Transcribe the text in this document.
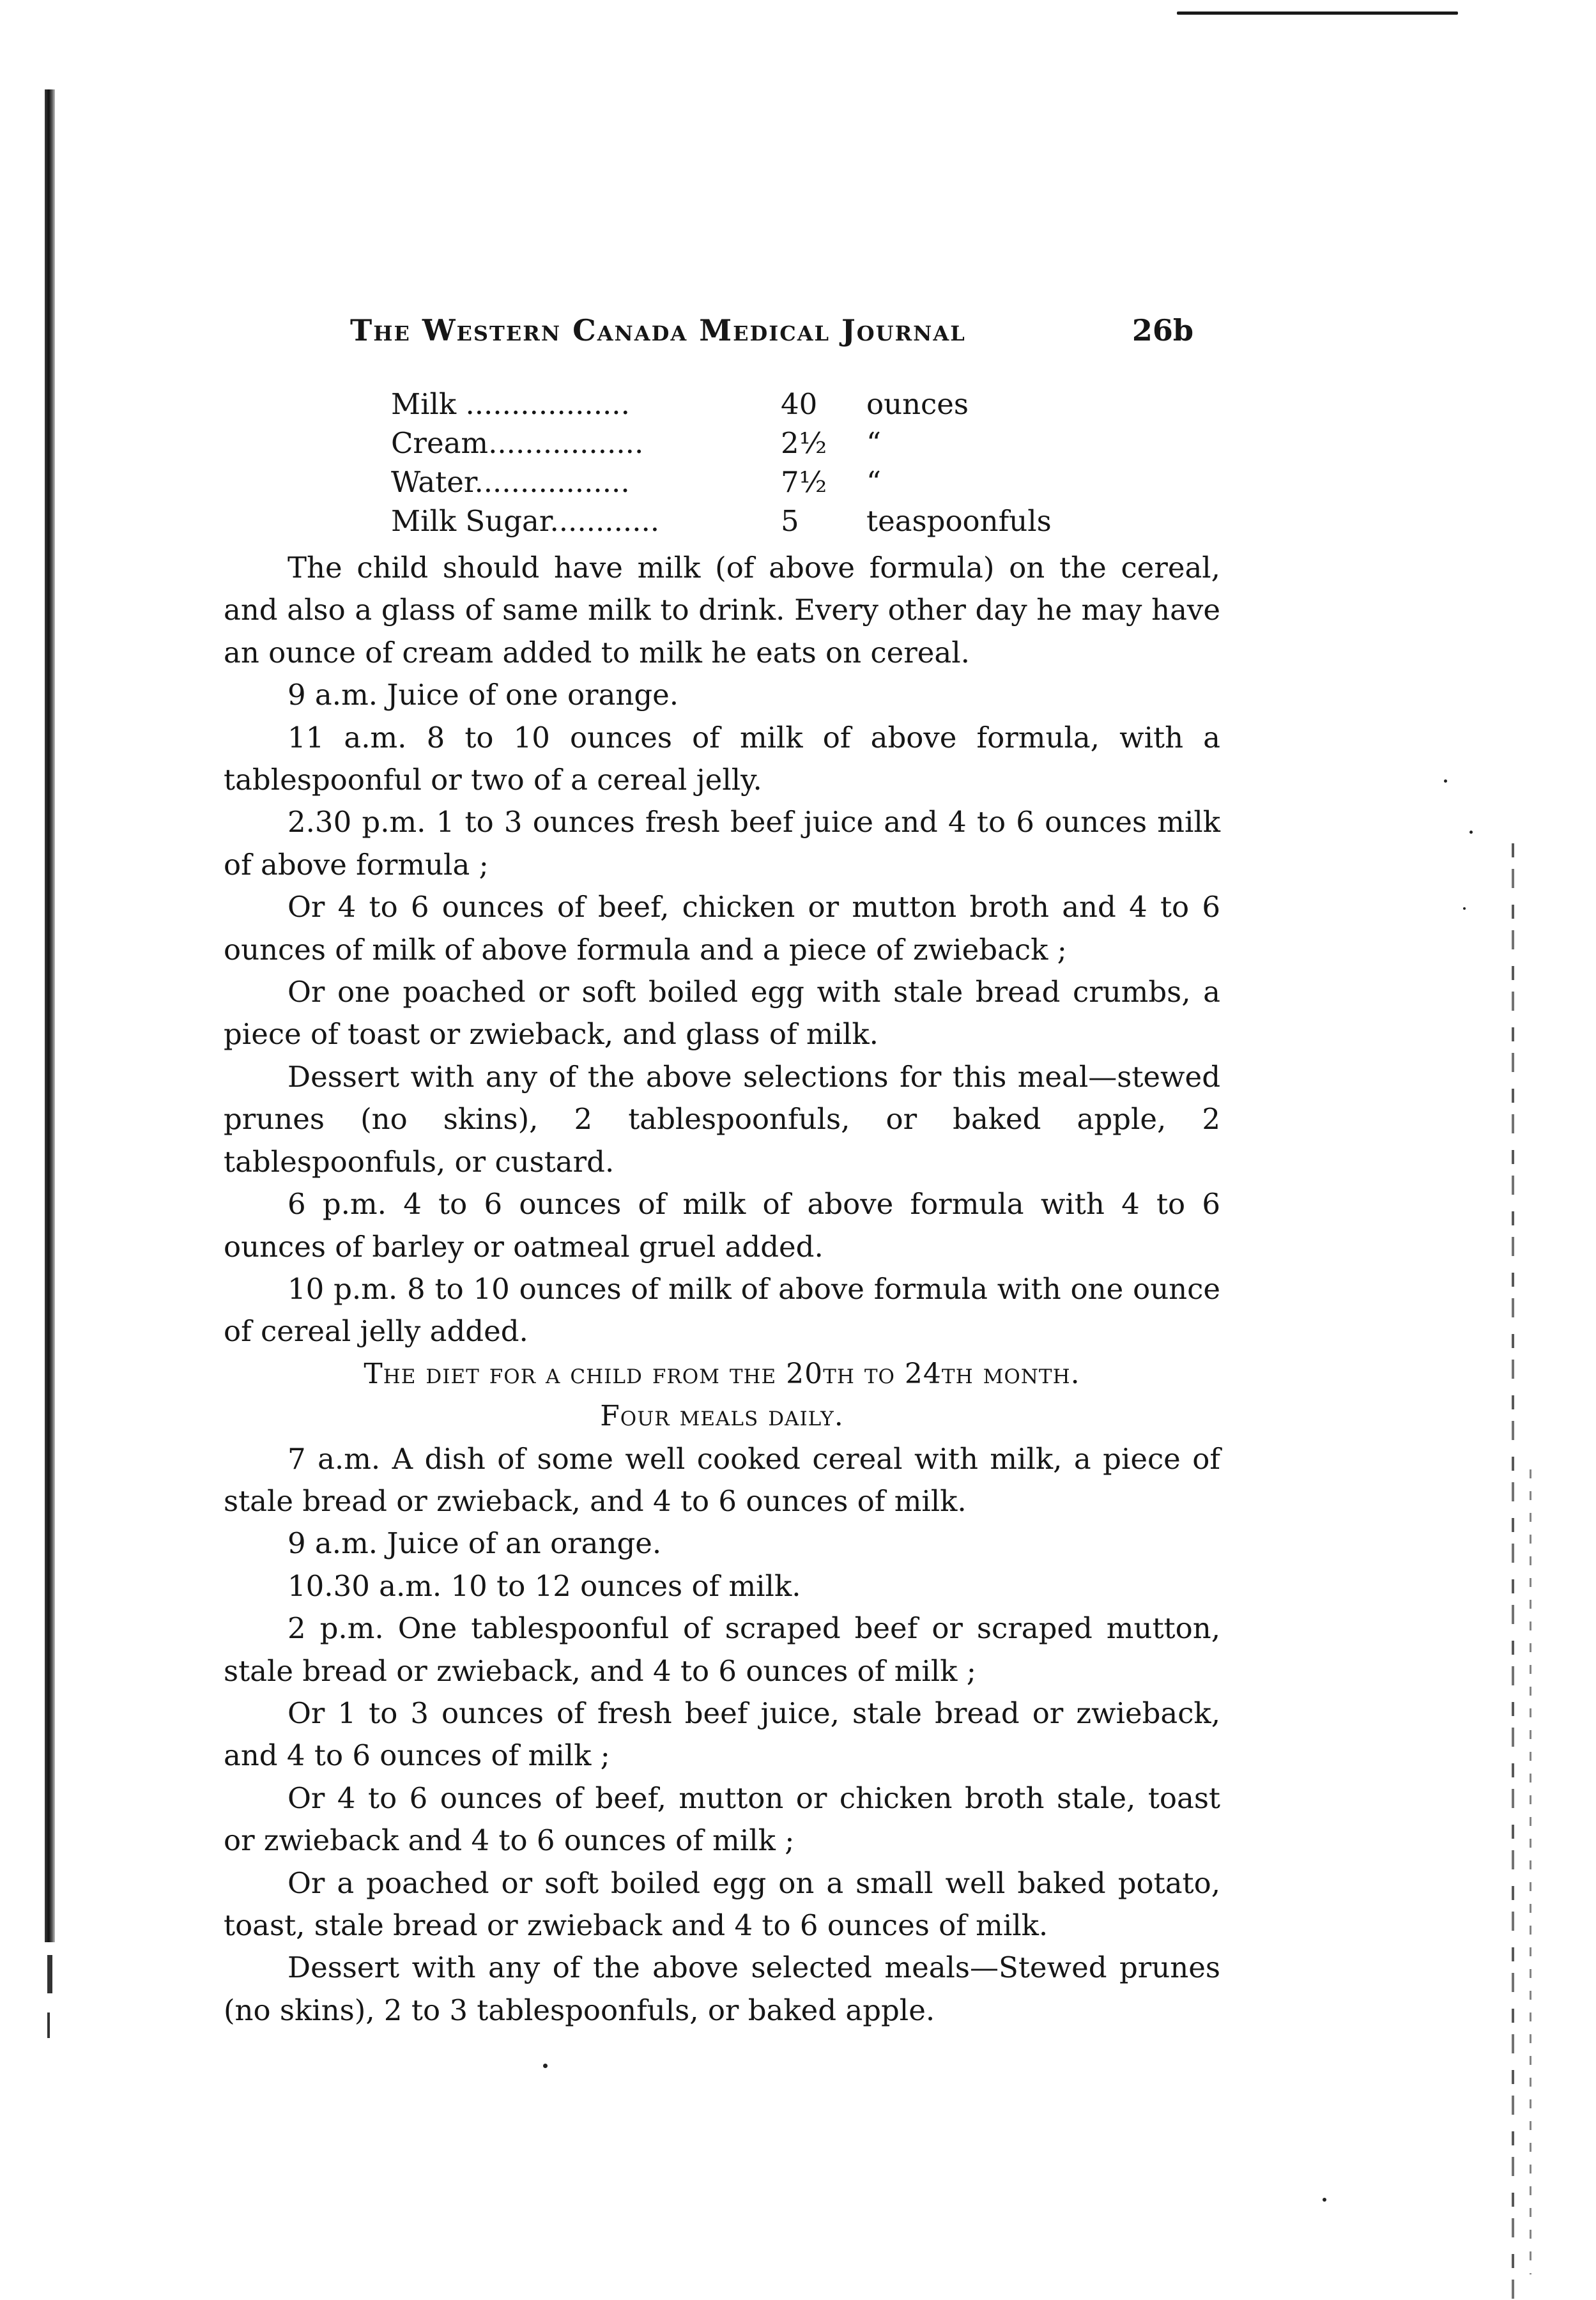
The Western Canada Medical Journal	26b
Milk ..................	40 ounces
Cream.................	2½ “
Water.................	7½ “
Milk Sugar............	5 teaspoonfuls

The child should have milk (of above formula) on the cereal, and also a glass of same milk to drink. Every other day he may have an ounce of cream added to milk he eats on cereal.

9 a.m. Juice of one orange.

11 a.m. 8 to 10 ounces of milk of above formula, with a tablespoonful or two of a cereal jelly.

2.30 p.m. 1 to 3 ounces fresh beef juice and 4 to 6 ounces milk of above formula ;

Or 4 to 6 ounces of beef, chicken or mutton broth and 4 to 6 ounces of milk of above formula and a piece of zwieback ;

Or one poached or soft boiled egg with stale bread crumbs, a piece of toast or zwieback, and glass of milk.

Dessert with any of the above selections for this meal—stewed prunes (no skins), 2 tablespoonfuls, or baked apple, 2 tablespoonfuls, or custard.

6 p.m. 4 to 6 ounces of milk of above formula with 4 to 6 ounces of barley or oatmeal gruel added.

10 p.m. 8 to 10 ounces of milk of above formula with one ounce of cereal jelly added.

The diet for a child from the 20th to 24th month.

Four meals daily.

7 a.m. A dish of some well cooked cereal with milk, a piece of stale bread or zwieback, and 4 to 6 ounces of milk.

9 a.m. Juice of an orange.

10.30 a.m. 10 to 12 ounces of milk.

2 p.m. One tablespoonful of scraped beef or scraped mutton, stale bread or zwieback, and 4 to 6 ounces of milk ;

Or 1 to 3 ounces of fresh beef juice, stale bread or zwieback, and 4 to 6 ounces of milk ;

Or 4 to 6 ounces of beef, mutton or chicken broth stale, toast or zwieback and 4 to 6 ounces of milk ;

Or a poached or soft boiled egg on a small well baked potato, toast, stale bread or zwieback and 4 to 6 ounces of milk.

Dessert with any of the above selected meals—Stewed prunes (no skins), 2 to 3 tablespoonfuls, or baked apple.
